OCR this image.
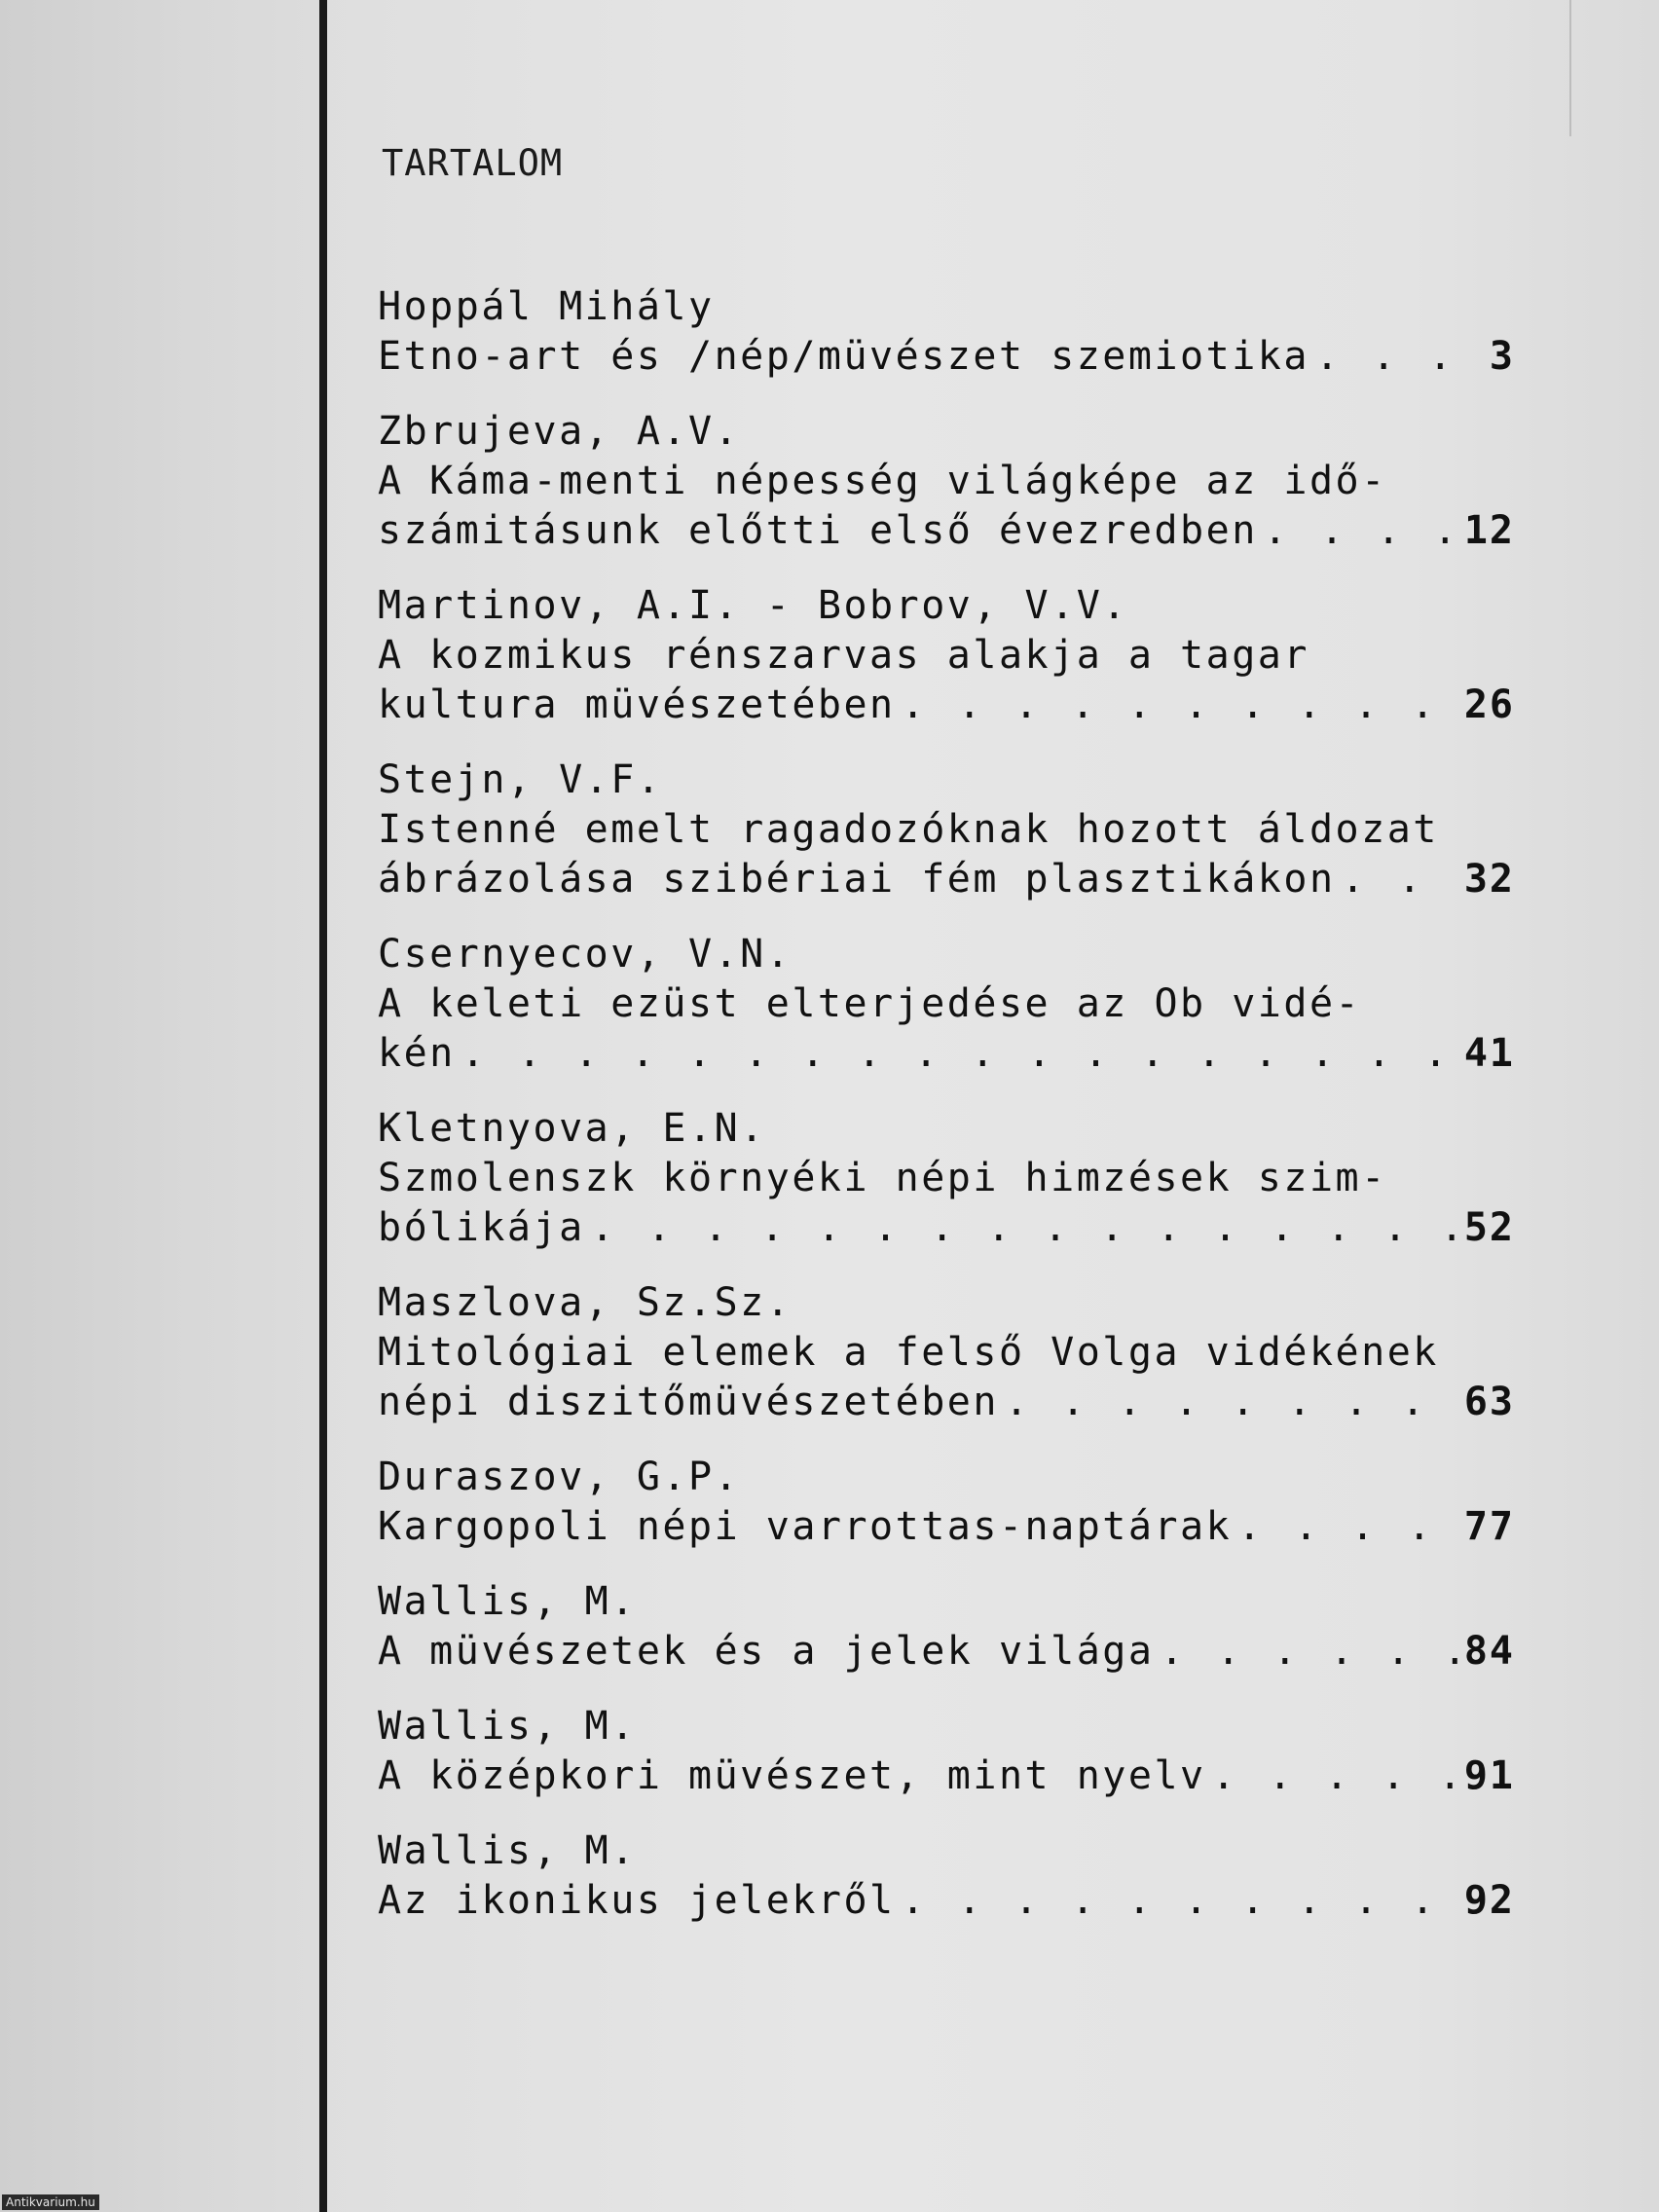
TARTALOM
Hoppál Mihály
Etno-art és /nép/müvészet szemiotika . . .	3
Zbrujeva, A.V.
A Káma-menti népesség világképe az idő-
számitásunk előtti első évezredben . . .	12
Martinov, A.I. - Bobrov, V.V.
A kozmikus rénszarvas alakja a tagar
kultura müvészetében . . .	26
Stejn, V.F.
Istenné emelt ragadozóknak hozott áldozat
ábrázolása szibériai fém plasztikákon . . .	32
Csernyecov, V.N.
A keleti ezüst elterjedése az Ob vidé-
kén . . .	41
Kletnyova, E.N.
Szmolenszk környéki népi himzések szim-
bólikája . . .	52
Maszlova, Sz.Sz.
Mitológiai elemek a felső Volga vidékének
népi diszitőmüvészetében . . .	63
Duraszov, G.P.
Kargopoli népi varrottas-naptárak . . .	77
Wallis, M.
A müvészetek és a jelek világa . . .	84
Wallis, M.
A középkori müvészet, mint nyelv . . .	91
Wallis, M.
Az ikonikus jelekről . . .	92
Antikvarium.hu
